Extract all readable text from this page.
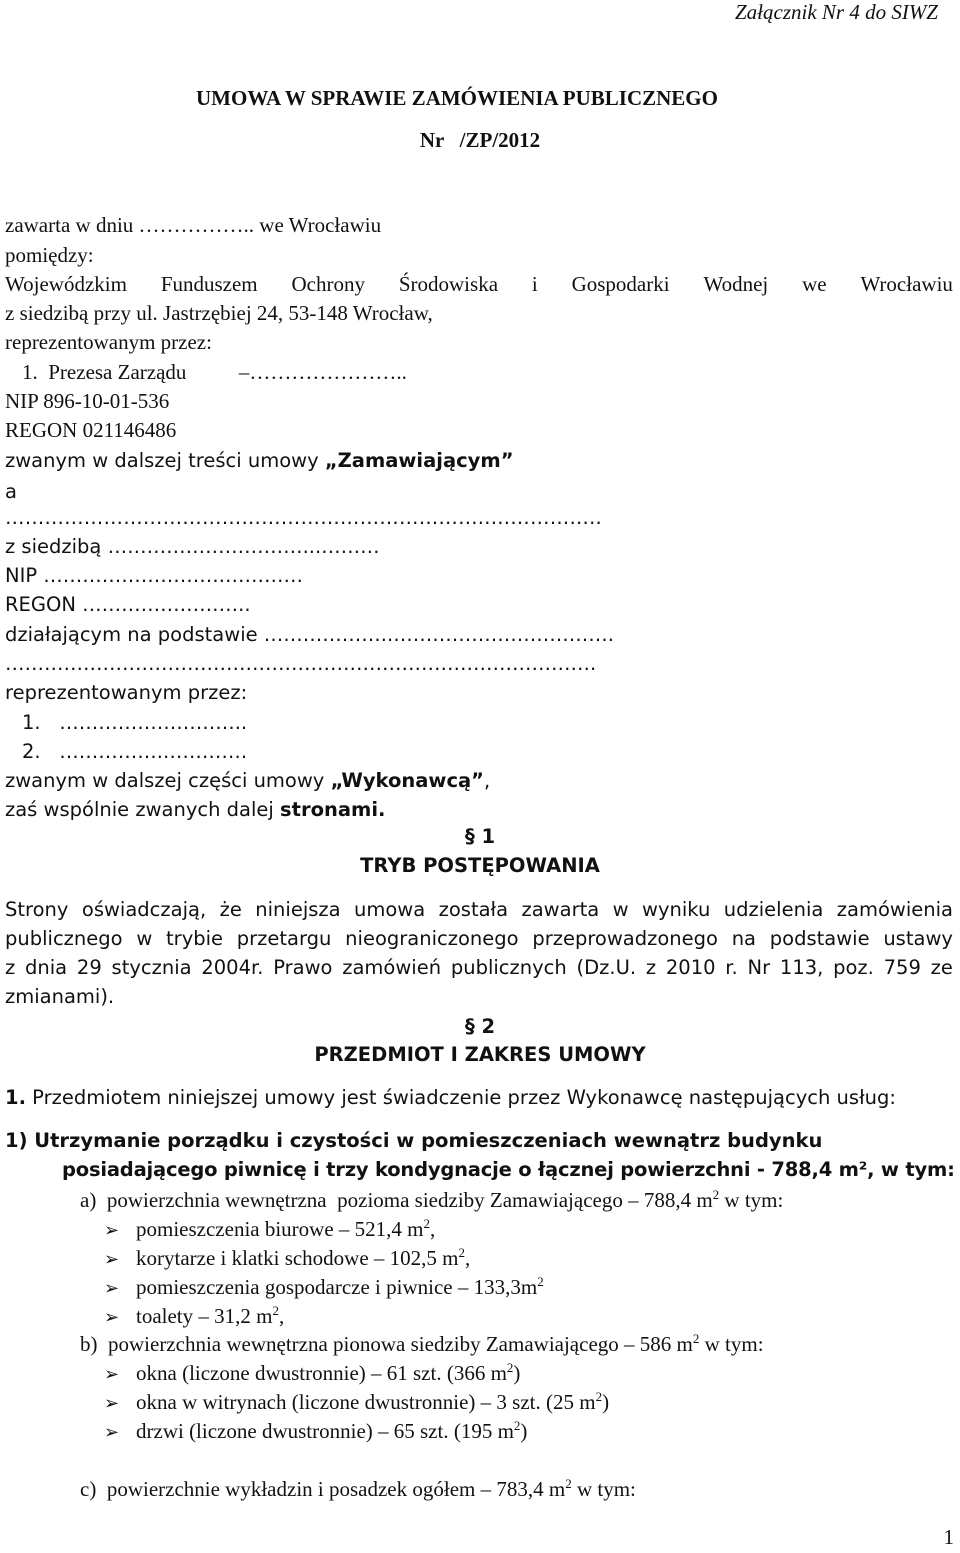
Załącznik Nr 4 do SIWZ
UMOWA W SPRAWIE ZAMÓWIENIA PUBLICZNEGO
Nr   /ZP/2012
zawarta w dniu …………….. we Wrocławiu
pomiędzy:
Wojewódzkim Funduszem Ochrony Środowiska i Gospodarki Wodnej we Wrocławiu
z siedzibą przy ul. Jastrzębiej 24, 53-148 Wrocław,
reprezentowanym przez:
1.  Prezesa Zarządu          –…………………..
NIP 896-10-01-536
REGON 021146486
zwanym w dalszej treści umowy „Zamawiającym”
a
………………………………………………………………..……………..
z siedzibą …………………………...………
NIP ……………………….…………
REGON ……………………..
działającym na podstawie ………………..…………………………….
……………………………………………………………………………….
reprezentowanym przez:
1.   ………………………..
2.   …………….………….
zwanym w dalszej części umowy „Wykonawcą”,
zaś wspólnie zwanych dalej stronami.
§ 1
TRYB POSTĘPOWANIA
Strony oświadczają, że niniejsza umowa została zawarta w wyniku udzielenia zamówienia
publicznego w trybie przetargu nieograniczonego przeprowadzonego na podstawie ustawy
z dnia 29 stycznia 2004r. Prawo zamówień publicznych (Dz.U. z 2010 r. Nr 113, poz. 759 ze
zmianami).
§ 2
PRZEDMIOT I ZAKRES UMOWY
1. Przedmiotem niniejszej umowy jest świadczenie przez Wykonawcę następujących usług:
1) Utrzymanie porządku i czystości w pomieszczeniach wewnątrz budynku
posiadającego piwnicę i trzy kondygnacje o łącznej powierzchni - 788,4 m², w tym:
a)  powierzchnia wewnętrzna  pozioma siedziby Zamawiającego – 788,4 $m^2$ w tym:
➢ pomieszczenia biurowe – 521,4 $m^2$,
➢ korytarze i klatki schodowe – 102,5 $m^2$,
➢ pomieszczenia gospodarcze i piwnice – $133,3m^2$
➢ toalety – 31,2 $m^2$,
b)  powierzchnia wewnętrzna pionowa siedziby Zamawiającego – 586 $m^2$ w tym:
➢ okna (liczone dwustronnie) – 61 szt. (366 $m^2$)
➢ okna w witrynach (liczone dwustronnie) – 3 szt. (25 $m^2$)
➢ drzwi (liczone dwustronnie) – 65 szt. (195 $m^2$)
c)  powierzchnie wykładzin i posadzek ogółem – 783,4 $m^2$ w tym:
1
